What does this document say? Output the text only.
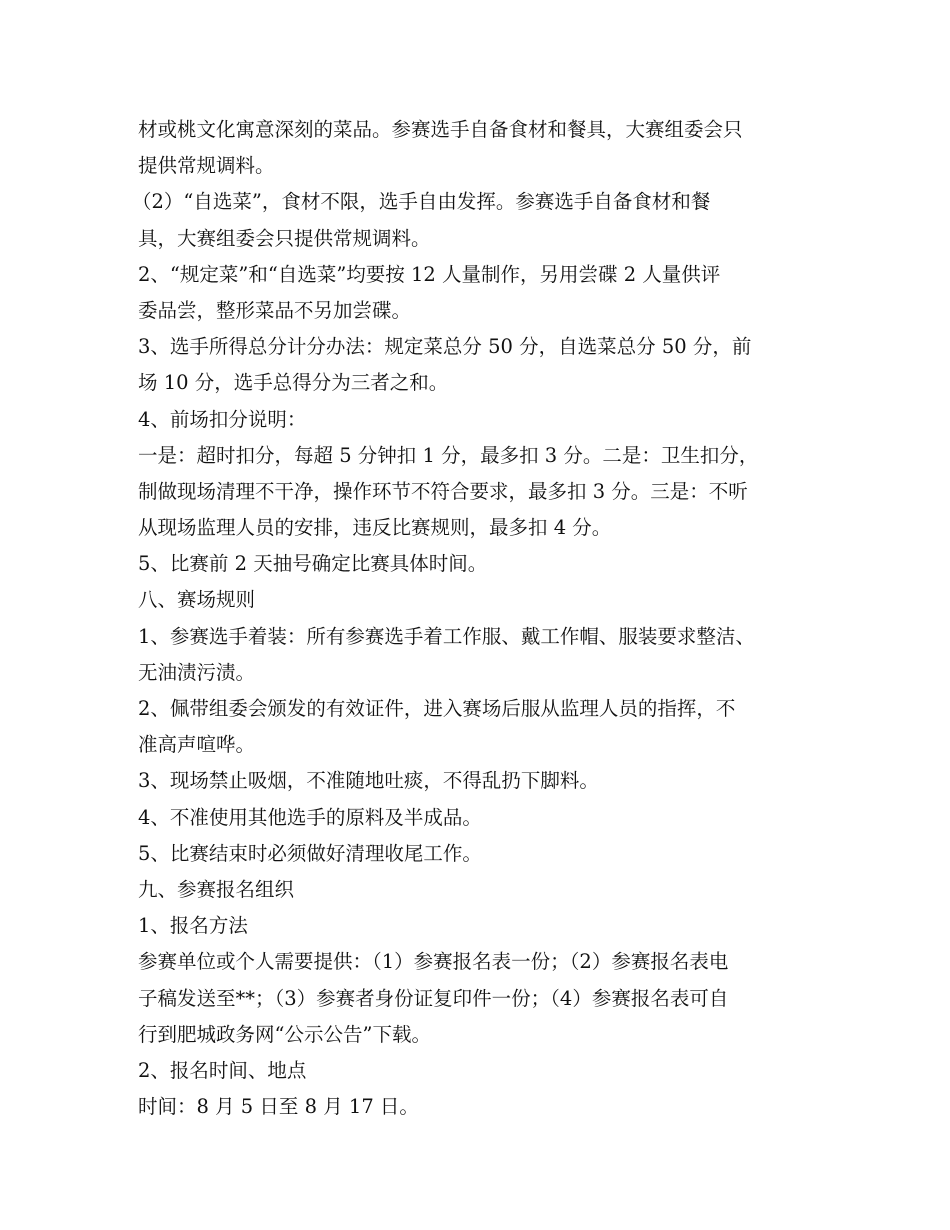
材或桃文化寓意深刻的菜品。参赛选手自备食材和餐具，大赛组委会只
提供常规调料。
（2）“自选菜”，食材不限，选手自由发挥。参赛选手自备食材和餐
具，大赛组委会只提供常规调料。
2、“规定菜”和“自选菜”均要按 12 人量制作，另用尝碟 2 人量供评
委品尝，整形菜品不另加尝碟。
3、选手所得总分计分办法：规定菜总分 50 分，自选菜总分 50 分，前
场 10 分，选手总得分为三者之和。
4、前场扣分说明：
一是：超时扣分，每超 5 分钟扣 1 分，最多扣 3 分。二是：卫生扣分，
制做现场清理不干净，操作环节不符合要求，最多扣 3 分。三是：不听
从现场监理人员的安排，违反比赛规则，最多扣 4 分。
5、比赛前 2 天抽号确定比赛具体时间。
八、赛场规则
1、参赛选手着装：所有参赛选手着工作服、戴工作帽、服装要求整洁、
无油渍污渍。
2、佩带组委会颁发的有效证件，进入赛场后服从监理人员的指挥，不
准高声喧哗。
3、现场禁止吸烟，不准随地吐痰，不得乱扔下脚料。
4、不准使用其他选手的原料及半成品。
5、比赛结束时必须做好清理收尾工作。
九、参赛报名组织
1、报名方法
参赛单位或个人需要提供：（1）参赛报名表一份；（2）参赛报名表电
子稿发送至**；（3）参赛者身份证复印件一份；（4）参赛报名表可自
行到肥城政务网“公示公告”下载。
2、报名时间、地点
时间：8 月 5 日至 8 月 17 日。
